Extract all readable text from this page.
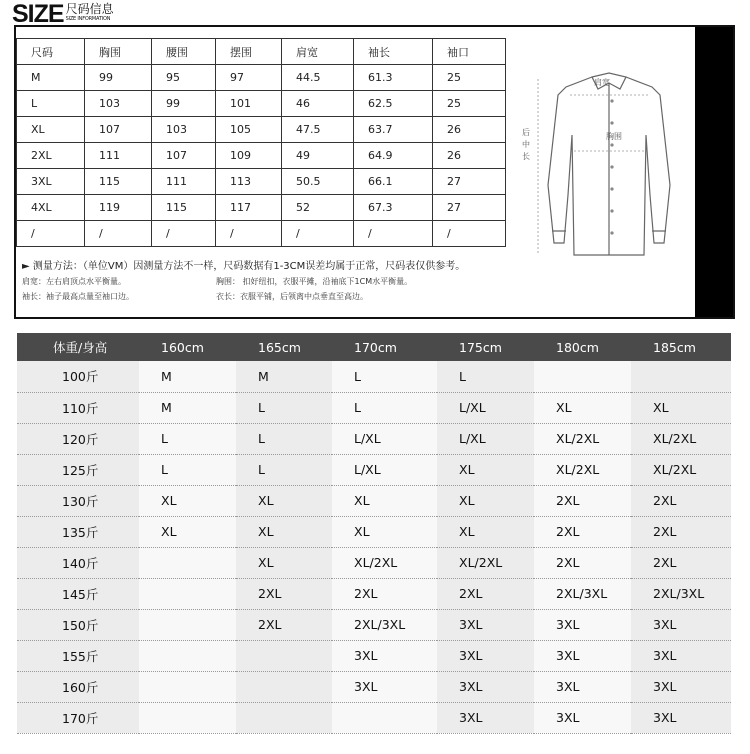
SIZE 尺码信息
SIZE INFORMATION
尺码	胸围	腰围	摆围	肩宽	袖长	袖口
M	99	95	97	44.5	61.3	25
L	103	99	101	46	62.5	25
XL	107	103	105	47.5	63.7	26
2XL	111	107	109	49	64.9	26
3XL	115	111	113	50.5	66.1	27
4XL	119	115	117	52	67.3	27
/	/	/	/	/	/	/
肩宽
胸围
后中长
► 测量方法：（单位VM）因测量方法不一样，尺码数据有1-3CM误差均属于正常，尺码表仅供参考。
肩宽：左右肩顶点水平衡量。	胸围： 扣好纽扣，衣服平摊，沿袖底下1CM水平衡量。
袖长：袖子最高点量至袖口边。	衣长：衣服平铺，后领离中点垂直至高边。
体重/身高	160cm	165cm	170cm	175cm	180cm	185cm
100斤	M	M	L	L		
110斤	M	L	L	L/XL	XL	XL
120斤	L	L	L/XL	L/XL	XL/2XL	XL/2XL
125斤	L	L	L/XL	XL	XL/2XL	XL/2XL
130斤	XL	XL	XL	XL	2XL	2XL
135斤	XL	XL	XL	XL	2XL	2XL
140斤		XL	XL/2XL	XL/2XL	2XL	2XL
145斤		2XL	2XL	2XL	2XL/3XL	2XL/3XL
150斤		2XL	2XL/3XL	3XL	3XL	3XL
155斤			3XL	3XL	3XL	3XL
160斤			3XL	3XL	3XL	3XL
170斤				3XL	3XL	3XL
